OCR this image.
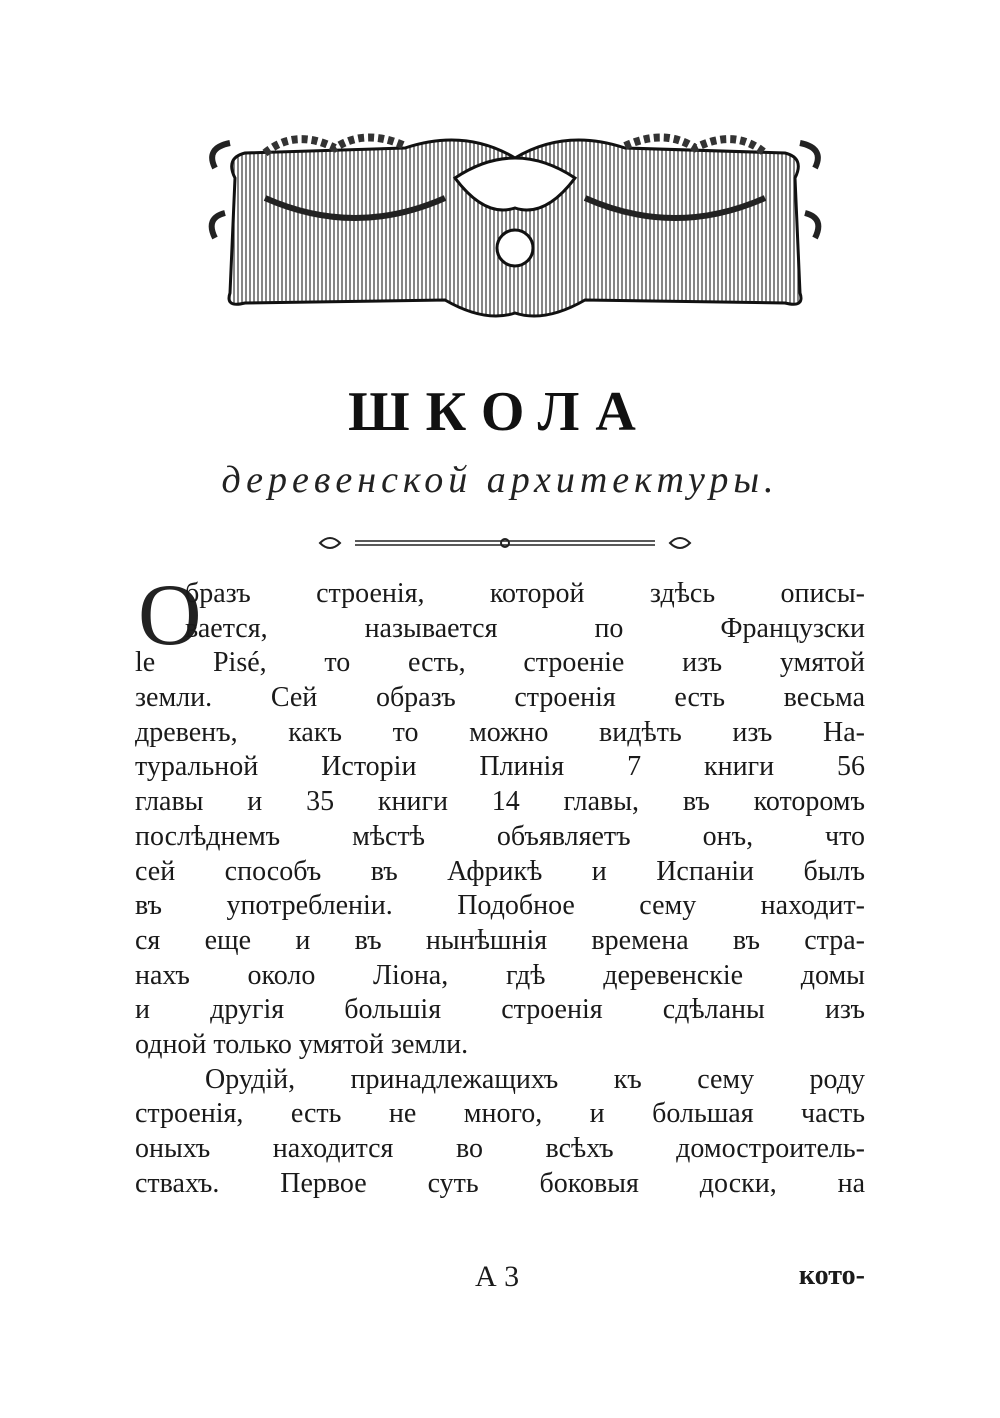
ШКОЛА
деревенской архитектуры.
О
бразъ строенія, которой здѣсь описы-
вается, называется по Французски
le Pisé, то есть, строеніе изъ умятой
земли. Сей образъ строенія есть весьма
древенъ, какъ то можно видѣть изъ На-
туральной Исторіи Плинія 7 книги 56
главы и 35 книги 14 главы, въ которомъ
послѣднемъ мѣстѣ объявляетъ онъ, что
сей способъ въ Африкѣ и Испаніи былъ
въ употребленіи. Подобное сему находит-
ся еще и въ нынѣшнія времена въ стра-
нахъ около Ліона, гдѣ деревенскіе домы
и другія большія строенія сдѣланы изъ
одной только умятой земли.
Орудій, принадлежащихъ къ сему роду
строенія, есть не много, и большая часть
оныхъ находится во всѣхъ домостроитель-
ствахъ. Первое суть боковыя доски, на
А 3	кото-
